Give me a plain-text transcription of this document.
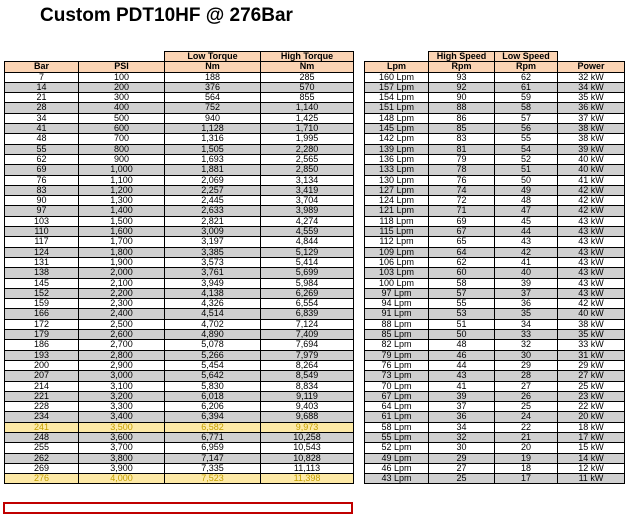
Custom PDT10HF @ 276Bar
		Low Torque	High Torque
Bar	PSI	Nm	Nm
7	100	188	285
14	200	376	570
21	300	564	855
28	400	752	1,140
34	500	940	1,425
41	600	1,128	1,710
48	700	1,316	1,995
55	800	1,505	2,280
62	900	1,693	2,565
69	1,000	1,881	2,850
76	1,100	2,069	3,134
83	1,200	2,257	3,419
90	1,300	2,445	3,704
97	1,400	2,633	3,989
103	1,500	2,821	4,274
110	1,600	3,009	4,559
117	1,700	3,197	4,844
124	1,800	3,385	5,129
131	1,900	3,573	5,414
138	2,000	3,761	5,699
145	2,100	3,949	5,984
152	2,200	4,138	6,269
159	2,300	4,326	6,554
166	2,400	4,514	6,839
172	2,500	4,702	7,124
179	2,600	4,890	7,409
186	2,700	5,078	7,694
193	2,800	5,266	7,979
200	2,900	5,454	8,264
207	3,000	5,642	8,549
214	3,100	5,830	8,834
221	3,200	6,018	9,119
228	3,300	6,206	9,403
234	3,400	6,394	9,688
241	3,500	6,582	9,973
248	3,600	6,771	10,258
255	3,700	6,959	10,543
262	3,800	7,147	10,828
269	3,900	7,335	11,113
276	4,000	7,523	11,398
	High Speed	Low Speed	
Lpm	Rpm	Rpm	Power
160 Lpm	93	62	32 kW
157 Lpm	92	61	34 kW
154 Lpm	90	59	35 kW
151 Lpm	88	58	36 kW
148 Lpm	86	57	37 kW
145 Lpm	85	56	38 kW
142 Lpm	83	55	38 kW
139 Lpm	81	54	39 kW
136 Lpm	79	52	40 kW
133 Lpm	78	51	40 kW
130 Lpm	76	50	41 kW
127 Lpm	74	49	42 kW
124 Lpm	72	48	42 kW
121 Lpm	71	47	42 kW
118 Lpm	69	45	43 kW
115 Lpm	67	44	43 kW
112 Lpm	65	43	43 kW
109 Lpm	64	42	43 kW
106 Lpm	62	41	43 kW
103 Lpm	60	40	43 kW
100 Lpm	58	39	43 kW
97 Lpm	57	37	43 kW
94 Lpm	55	36	42 kW
91 Lpm	53	35	40 kW
88 Lpm	51	34	38 kW
85 Lpm	50	33	35 kW
82 Lpm	48	32	33 kW
79 Lpm	46	30	31 kW
76 Lpm	44	29	29 kW
73 Lpm	43	28	27 kW
70 Lpm	41	27	25 kW
67 Lpm	39	26	23 kW
64 Lpm	37	25	22 kW
61 Lpm	36	24	20 kW
58 Lpm	34	22	18 kW
55 Lpm	32	21	17 kW
52 Lpm	30	20	15 kW
49 Lpm	29	19	14 kW
46 Lpm	27	18	12 kW
43 Lpm	25	17	11 kW
